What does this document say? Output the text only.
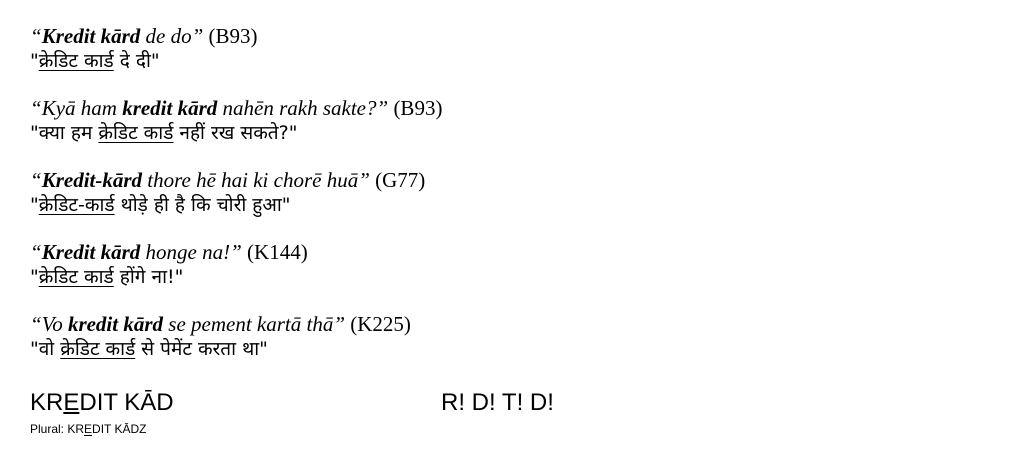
“Kredit kārd de do” (B93)
"क्रेडिट कार्ड दे दी"
“Kyā ham kredit kārd nahēn rakh sakte?” (B93)
"क्या हम क्रेडिट कार्ड नहीं रख सकते?"
“Kredit-kārd thore hē hai ki chorē huā” (G77)
"क्रेडिट-कार्ड थोड़े ही है कि चोरी हुआ"
“Kredit kārd honge na!” (K144)
"क्रेडिट कार्ड होंगे ना!"
“Vo kredit kārd se pement kartā thā” (K225)
"वो क्रेडिट कार्ड से पेमेंट करता था"
KREDIT KĀD	R! D! T! D!
Plural: KREDIT KĀDZ
